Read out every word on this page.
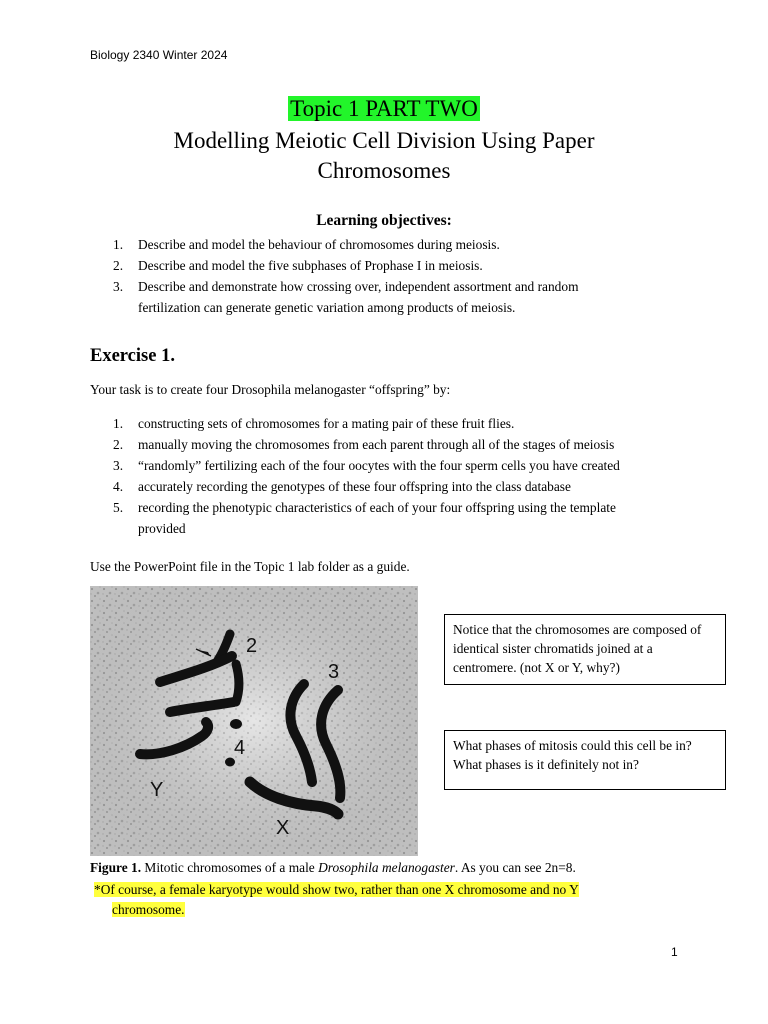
Biology 2340 Winter 2024
Topic 1 PART TWO
Modelling Meiotic Cell Division Using Paper
Chromosomes
Learning objectives:
1. Describe and model the behaviour of chromosomes during meiosis.
2. Describe and model the five subphases of Prophase I in meiosis.
3. Describe and demonstrate how crossing over, independent assortment and random
fertilization can generate genetic variation among products of meiosis.
Exercise 1.
Your task is to create four Drosophila melanogaster “offspring” by:
1. constructing sets of chromosomes for a mating pair of these fruit flies.
2. manually moving the chromosomes from each parent through all of the stages of meiosis
3. “randomly” fertilizing each of the four oocytes with the four sperm cells you have created
4. accurately recording the genotypes of these four offspring into the class database
5. recording the phenotypic characteristics of each of your four offspring using the template
provided
Use the PowerPoint file in the Topic 1 lab folder as a guide.
2
3
4
Y
X
Notice that the chromosomes are composed of
identical sister chromatids joined at a
centromere. (not X or Y, why?)
What phases of mitosis could this cell be in?
What phases is it definitely not in?
Figure 1. Mitotic chromosomes of a male Drosophila melanogaster. As you can see 2n=8.
*Of course, a female karyotype would show two, rather than one X chromosome and no Y
chromosome.
1
